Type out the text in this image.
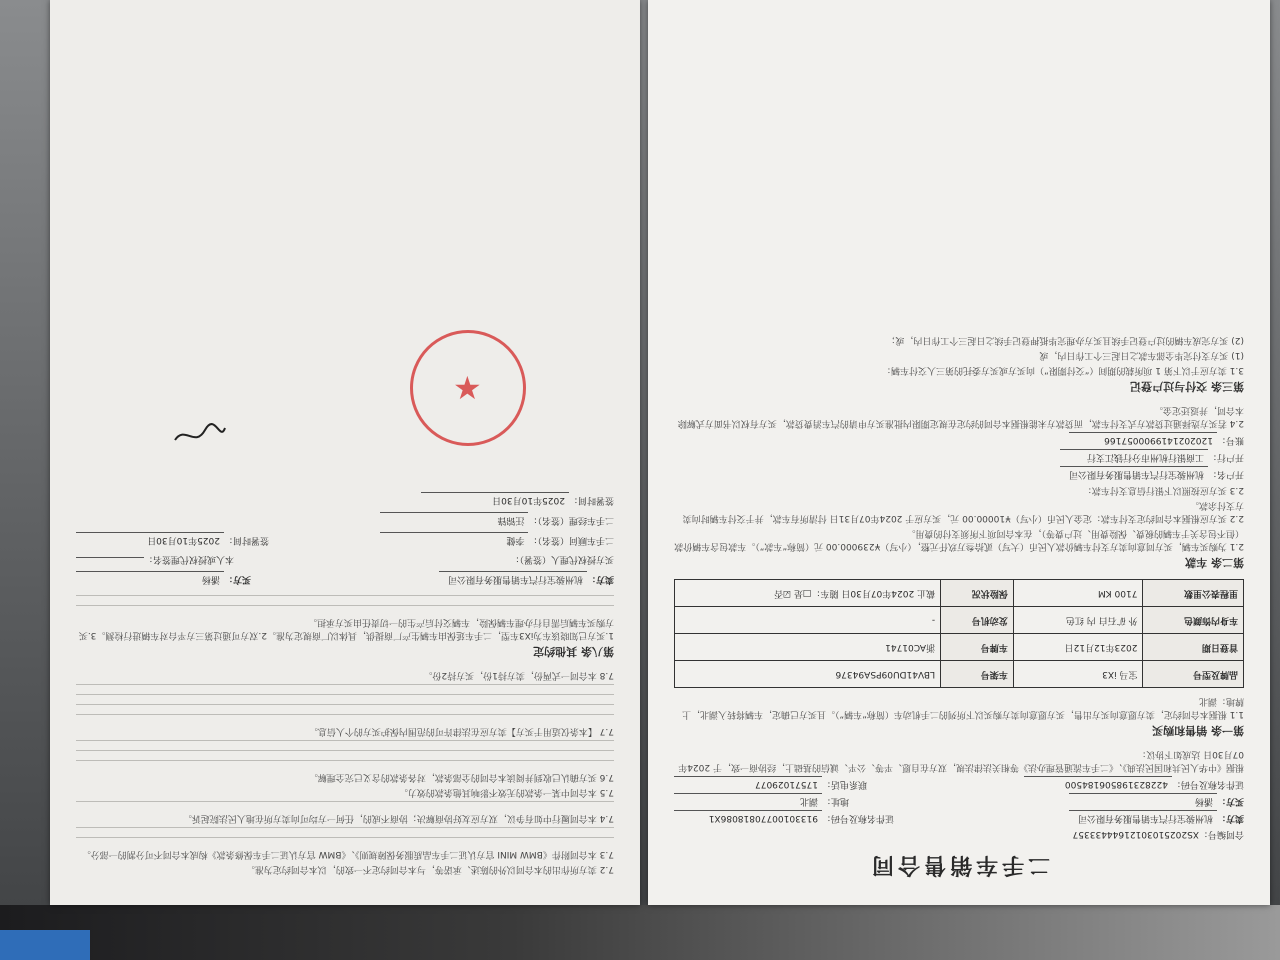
7.2 卖方所作出的本合同以外的陈述、承诺等，与本合同约定不一致的，以本合同约定为准。
7.3 本合同附件《BMW MINI 官方认证二手车品质服务保障规则》、《BMW 官方认证二手车保修条款》构成本合同不可分割的一部分。
7.4 本合同履行中如有争议，双方应友好协商解决；协商不成的，任何一方均可向卖方所在地人民法院起诉。
7.5 本合同中某一条款的无效不影响其他条款的效力。
7.6 买方确认已收到并阅读本合同的全部条款，对各条款的含义已完全理解。
7.7 【本条仅适用于买方】卖方应在法律许可的范围内保护买方的个人信息。
7.8 本合同一式两份，卖方持1份，买方持2份。
第八条 其他约定
1.买方已知晓该车为iX3车型，二手车延保由车辆生产厂商提供，具体以厂商规定为准。2.双方可通过第三方平台对车辆进行检测。3.买方购买车辆后需自行办理车辆保险，车辆交付后产生的一切责任由买方承担。
卖方：杭州骏宝行汽车销售服务有限公司
买方：潘杨
买方授权代理人（签署）：
本人或授权代理签名：
二手车顾问（签名）：李健
签署时间：2025年10月30日
二手车经理（签名）：汪锦锋
签署时间：2025年10月30日
★
二手车销售合同
合同编号：XS20251030121644433357
卖方：杭州骏宝行汽车销售服务有限公司
证件名称及号码：91330100770818086X1
买方：潘杨
地址：湖北
证件名称及号码：422823198506184500
联系电话：17571029077
根据《中华人民共和国民法典》、《二手车流通管理办法》等相关法律法规，双方在自愿、平等、公平、诚信的基础上，经协商一致，于 2024年07月30日 达成如下协议：
第一条 销售和购买
1.1 根据本合同约定，卖方愿意向买方出售，买方愿意向卖方购买以下所列的二手机动车（简称“车辆”）。且买方已确定，车辆将转入湖北，上牌地：湖北
品牌及型号	宝马 iX3	车架号	LBV41DU09PSA94376
首登日期	2023年12月12日	车牌号	浙AC01741
车身内饰颜色	外 矿石白 内 红色	发动机号	-
里程表公里数	7100 KM	保险状况	截止 2024年07月30日 随车：□是 ☑否
第二条 车款
2.1 为购买车辆，买方同意向卖方支付车辆价款人民币（大写）贰拾叁万玖仟元整，（小写）¥239000.00 元（简称“车款”）。车款包含车辆价款（但不包含关于车辆的税费、保险费用、过户费等），在本合同项下所须支付的费用。
2.2 买方应根据本合同约定支付车款：定金人民币（小写）¥10000.00 元，买方应于 2024年07月31日 付清所有车款，并于交付车辆时向卖方支付余款。
2.3 买方应按照以下银行信息支付车款：
开户名：杭州骏宝行汽车销售服务有限公司
开户行：工商银行杭州市分行钱江支行
账号：1202021419900057166
2.4 若买方选择通过贷款方式支付车款，而贷款方未能根据本合同的约定在规定期限内批准买方申请的汽车消费贷款，买方有权以书面方式解除本合同，并返还定金。
第三条 交付与过户登记
3.1 卖方应于以下第 1 项所载的期间（“交付期限”）向买方或买方委托的第三人交付车辆：
(1) 买方支付完毕全部车款之日起三个工作日内，或
(2) 买方完成车辆的过户登记手续且买方办理完毕抵押登记手续之日起三个工作日内，或；
